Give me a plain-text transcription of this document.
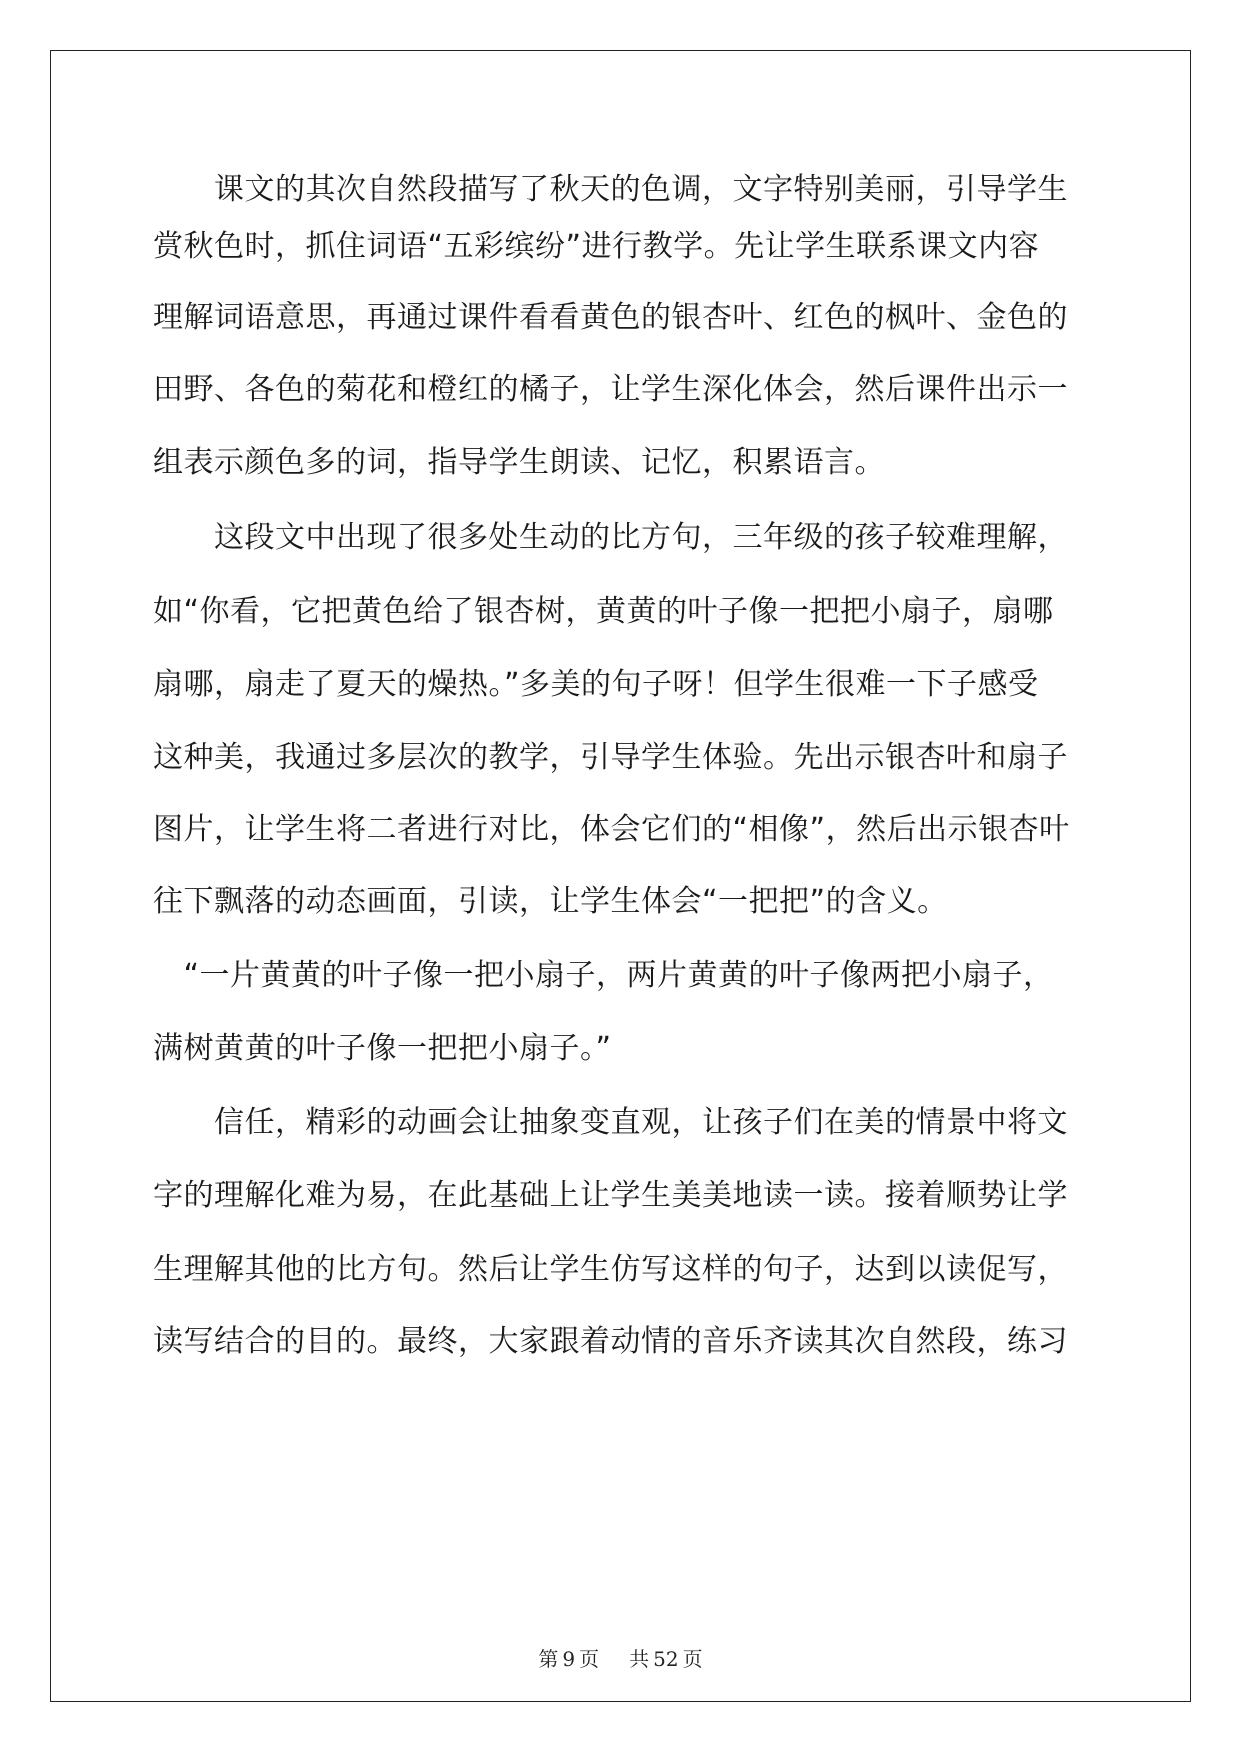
　　课文的其次自然段描写了秋天的色调，文字特别美丽，引导学生
赏秋色时，抓住词语“五彩缤纷”进行教学。先让学生联系课文内容
理解词语意思，再通过课件看看黄色的银杏叶、红色的枫叶、金色的
田野、各色的菊花和橙红的橘子，让学生深化体会，然后课件出示一
组表示颜色多的词，指导学生朗读、记忆，积累语言。
　　这段文中出现了很多处生动的比方句，三年级的孩子较难理解，
如“你看，它把黄色给了银杏树，黄黄的叶子像一把把小扇子，扇哪
扇哪，扇走了夏天的燥热。”多美的句子呀！但学生很难一下子感受
这种美，我通过多层次的教学，引导学生体验。先出示银杏叶和扇子
图片，让学生将二者进行对比，体会它们的“相像”，然后出示银杏叶
往下飘落的动态画面，引读，让学生体会“一把把”的含义。
　“一片黄黄的叶子像一把小扇子，两片黄黄的叶子像两把小扇子，
满树黄黄的叶子像一把把小扇子。”
　　信任，精彩的动画会让抽象变直观，让孩子们在美的情景中将文
字的理解化难为易，在此基础上让学生美美地读一读。接着顺势让学
生理解其他的比方句。然后让学生仿写这样的句子，达到以读促写，
读写结合的目的。最终，大家跟着动情的音乐齐读其次自然段，练习
第 9 页 共 52 页
